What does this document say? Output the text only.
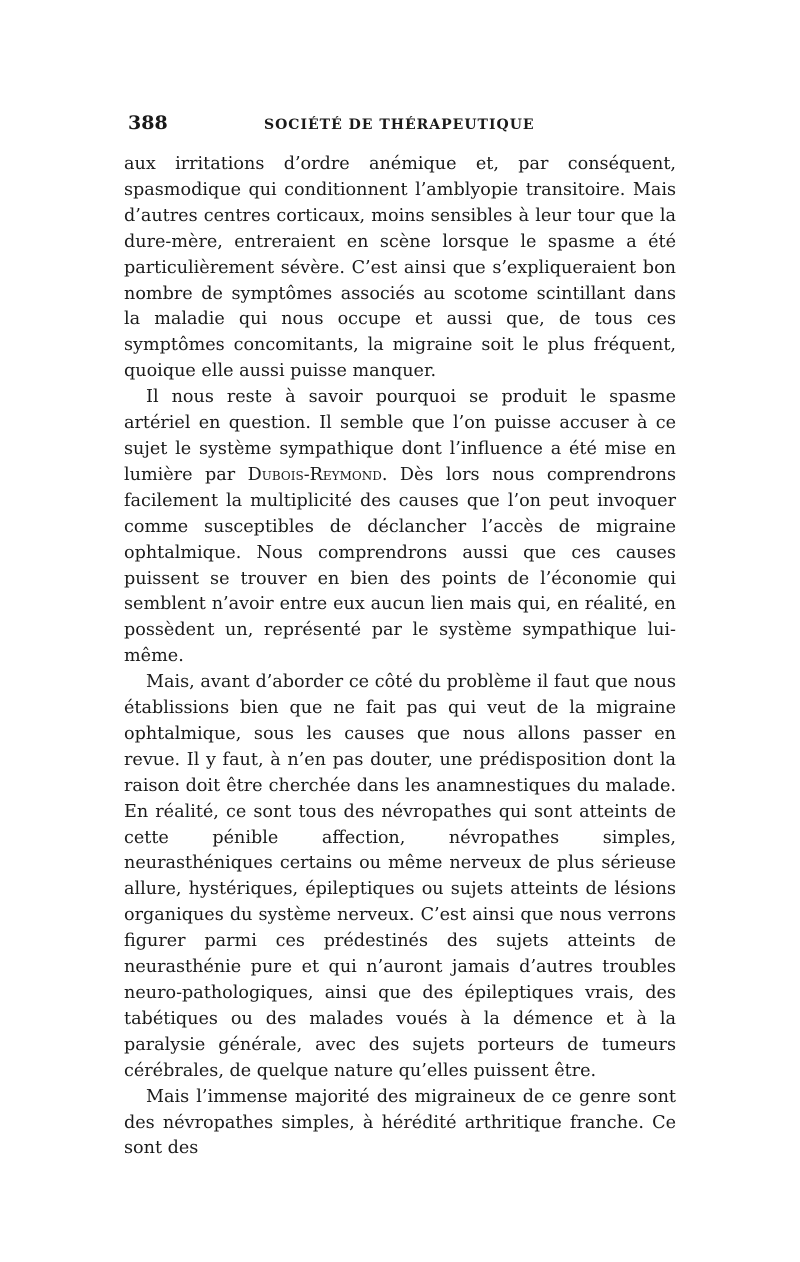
388	SOCIÉTÉ DE THÉRAPEUTIQUE

aux irritations d’ordre anémique et, par conséquent, spasmodique qui conditionnent l’amblyopie transitoire. Mais d’autres centres corticaux, moins sensibles à leur tour que la dure-mère, entreraient en scène lorsque le spasme a été particulièrement sévère. C’est ainsi que s’expliqueraient bon nombre de symptômes associés au scotome scintillant dans la maladie qui nous occupe et aussi que, de tous ces symptômes concomitants, la migraine soit le plus fréquent, quoique elle aussi puisse manquer.

Il nous reste à savoir pourquoi se produit le spasme artériel en question. Il semble que l’on puisse accuser à ce sujet le système sympathique dont l’influence a été mise en lumière par Dubois-Reymond. Dès lors nous comprendrons facilement la multiplicité des causes que l’on peut invoquer comme susceptibles de déclancher l’accès de migraine ophtalmique. Nous comprendrons aussi que ces causes puissent se trouver en bien des points de l’économie qui semblent n’avoir entre eux aucun lien mais qui, en réalité, en possèdent un, représenté par le système sympathique lui-même.

Mais, avant d’aborder ce côté du problème il faut que nous établissions bien que ne fait pas qui veut de la migraine ophtalmique, sous les causes que nous allons passer en revue. Il y faut, à n’en pas douter, une prédisposition dont la raison doit être cherchée dans les anamnestiques du malade. En réalité, ce sont tous des névropathes qui sont atteints de cette pénible affection, névropathes simples, neurasthéniques certains ou même nerveux de plus sérieuse allure, hystériques, épileptiques ou sujets atteints de lésions organiques du système nerveux. C’est ainsi que nous verrons figurer parmi ces prédestinés des sujets atteints de neurasthénie pure et qui n’auront jamais d’autres troubles neuro-pathologiques, ainsi que des épileptiques vrais, des tabétiques ou des malades voués à la démence et à la paralysie générale, avec des sujets porteurs de tumeurs cérébrales, de quelque nature qu’elles puissent être.

Mais l’immense majorité des migraineux de ce genre sont des névropathes simples, à hérédité arthritique franche. Ce sont des
